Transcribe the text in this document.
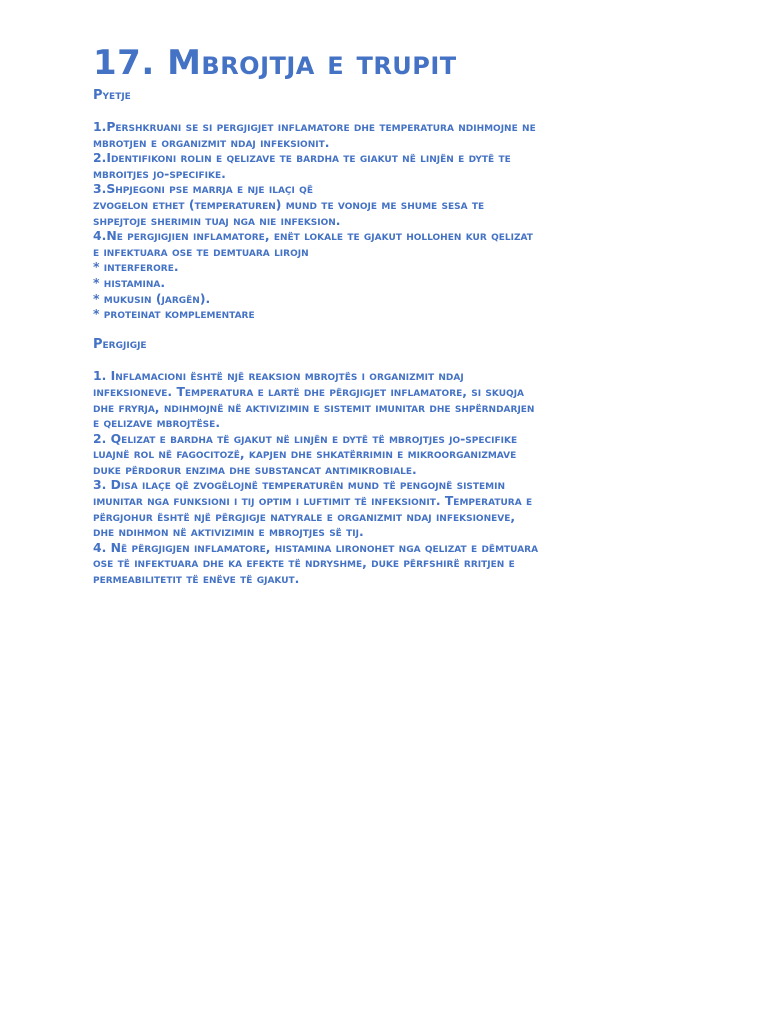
17. Mbrojtja e trupit
Pyetje
1.Pershkruani se si pergjigjet inflamatore dhe temperatura ndihmojne ne
mbrotjen e organizmit ndaj infeksionit.
2.Identifikoni rolin e qelizave te bardha te giakut në linjën e dytë te
mbroitjes jo-specifike.
3.Shpjegoni pse marrja e nje ilaçi që
zvogelon ethet (temperaturen) mund te vonoje me shume sesa te
shpejtoje sherimin tuaj nga nie infeksion.
4.Ne pergjigjien inflamatore, enët lokale te gjakut hollohen kur qelizat
e infektuara ose te demtuara lirojn
* interferore.
* histamina.
* mukusin (jargën).
* proteinat komplementare
Pergjigje
1. Inflamacioni është një reaksion mbrojtës i organizmit ndaj
infeksioneve. Temperatura e lartë dhe përgjigjet inflamatore, si skuqja
dhe fryrja, ndihmojnë në aktivizimin e sistemit imunitar dhe shpërndarjen
e qelizave mbrojtëse.
2. Qelizat e bardha të gjakut në linjën e dytë të mbrojtjes jo-specifike
luajnë rol në fagocitozë, kapjen dhe shkatërrimin e mikroorganizmave
duke përdorur enzima dhe substancat antimikrobiale.
3. Disa ilaçe që zvogëlojnë temperaturën mund të pengojnë sistemin
imunitar nga funksioni i tij optim i luftimit të infeksionit. Temperatura e
përgjohur është një përgjigje natyrale e organizmit ndaj infeksioneve,
dhe ndihmon në aktivizimin e mbrojtjes së tij.
4. Në përgjigjen inflamatore, histamina lironohet nga qelizat e dëmtuara
ose të infektuara dhe ka efekte të ndryshme, duke përfshirë rritjen e
permeabilitetit të enëve të gjakut.
